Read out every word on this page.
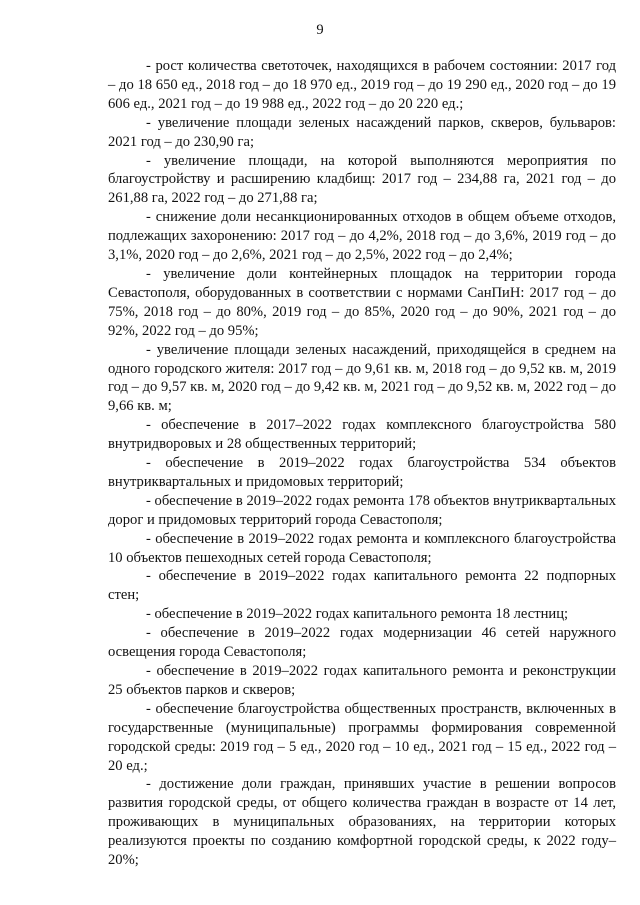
9

- рост количества светоточек, находящихся в рабочем состоянии: 2017 год – до 18 650 ед., 2018 год – до 18 970 ед., 2019 год – до 19 290 ед., 2020 год – до 19 606 ед., 2021 год – до 19 988 ед., 2022 год – до 20 220 ед.;

- увеличение площади зеленых насаждений парков, скверов, бульваров: 2021 год – до 230,90 га;

- увеличение площади, на которой выполняются мероприятия по благоустройству и расширению кладбищ: 2017 год – 234,88 га, 2021 год – до 261,88 га, 2022 год – до 271,88 га;

- снижение доли несанкционированных отходов в общем объеме отходов, подлежащих захоронению: 2017 год – до 4,2%, 2018 год – до 3,6%, 2019 год – до 3,1%, 2020 год – до 2,6%, 2021 год – до 2,5%, 2022 год – до 2,4%;

- увеличение доли контейнерных площадок на территории города Севастополя, оборудованных в соответствии с нормами СанПиН: 2017 год – до 75%, 2018 год – до 80%, 2019 год – до 85%, 2020 год – до 90%, 2021 год – до 92%, 2022 год – до 95%;

- увеличение площади зеленых насаждений, приходящейся в среднем на одного городского жителя: 2017 год – до 9,61 кв. м, 2018 год – до 9,52 кв. м, 2019 год – до 9,57 кв. м, 2020 год – до 9,42 кв. м, 2021 год – до 9,52 кв. м, 2022 год – до 9,66 кв. м;

- обеспечение в 2017–2022 годах комплексного благоустройства 580 внутридворовых и 28 общественных территорий;

- обеспечение в 2019–2022 годах благоустройства 534 объектов внутриквартальных и придомовых территорий;

- обеспечение в 2019–2022 годах ремонта 178 объектов внутриквартальных дорог и придомовых территорий города Севастополя;

- обеспечение в 2019–2022 годах ремонта и комплексного благоустройства 10 объектов пешеходных сетей города Севастополя;

- обеспечение в 2019–2022 годах капитального ремонта 22 подпорных стен;

- обеспечение в 2019–2022 годах капитального ремонта 18 лестниц;

- обеспечение в 2019–2022 годах модернизации 46 сетей наружного освещения города Севастополя;

- обеспечение в 2019–2022 годах капитального ремонта и реконструкции 25 объектов парков и скверов;

- обеспечение благоустройства общественных пространств, включенных в государственные (муниципальные) программы формирования современной городской среды: 2019 год – 5 ед., 2020 год – 10 ед., 2021 год – 15 ед., 2022 год – 20 ед.;

- достижение доли граждан, принявших участие в решении вопросов развития городской среды, от общего количества граждан в возрасте от 14 лет, проживающих в муниципальных образованиях, на территории которых реализуются проекты по созданию комфортной городской среды, к 2022 году–20%;
